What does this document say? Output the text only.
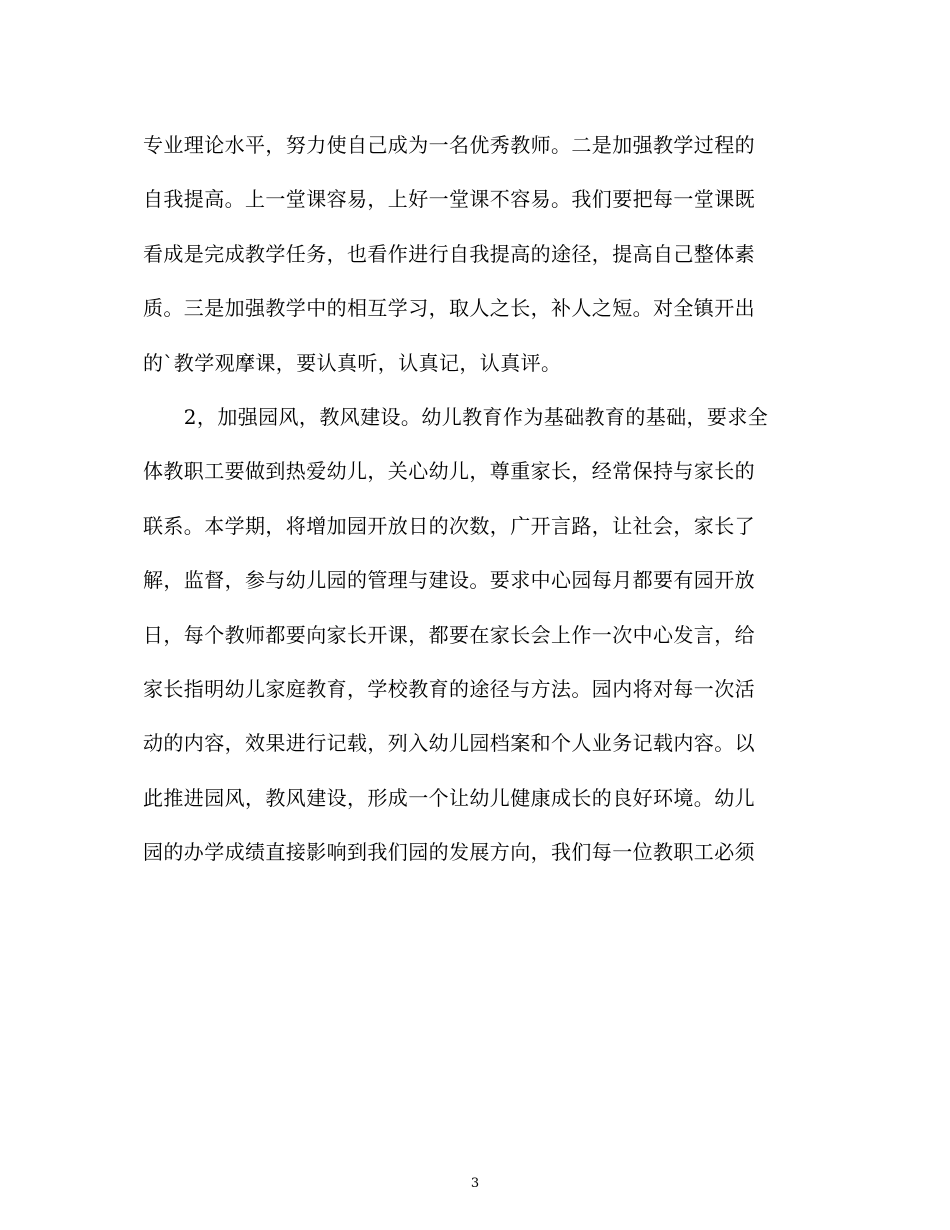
专业理论水平，努力使自己成为一名优秀教师。二是加强教学过程的
自我提高。上一堂课容易，上好一堂课不容易。我们要把每一堂课既
看成是完成教学任务，也看作进行自我提高的途径，提高自己整体素
质。三是加强教学中的相互学习，取人之长，补人之短。对全镇开出
的`教学观摩课，要认真听，认真记，认真评。
　　2，加强园风，教风建设。幼儿教育作为基础教育的基础，要求全
体教职工要做到热爱幼儿，关心幼儿，尊重家长，经常保持与家长的
联系。本学期，将增加园开放日的次数，广开言路，让社会，家长了
解，监督，参与幼儿园的管理与建设。要求中心园每月都要有园开放
日，每个教师都要向家长开课，都要在家长会上作一次中心发言，给
家长指明幼儿家庭教育，学校教育的途径与方法。园内将对每一次活
动的内容，效果进行记载，列入幼儿园档案和个人业务记载内容。以
此推进园风，教风建设，形成一个让幼儿健康成长的良好环境。幼儿
园的办学成绩直接影响到我们园的发展方向，我们每一位教职工必须
3
